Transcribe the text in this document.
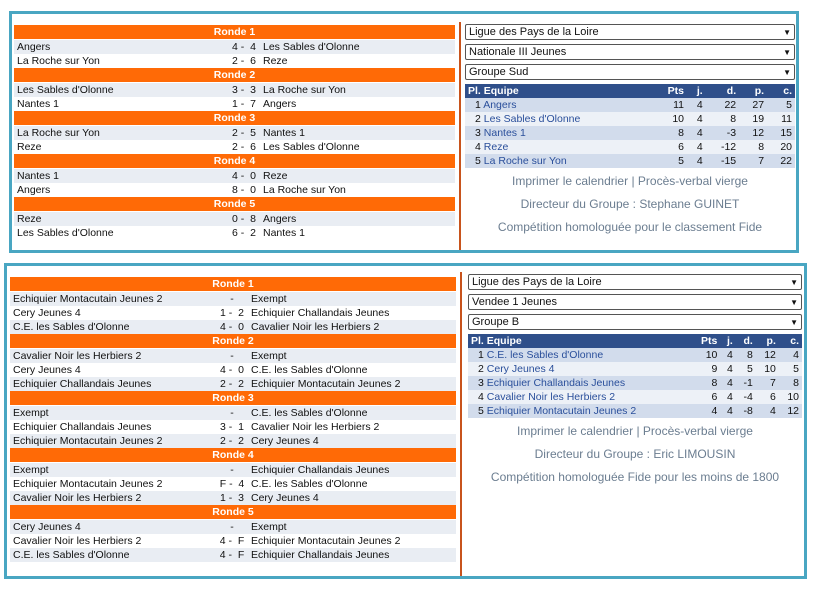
Ronde 1
Angers	4 -  4 Les Sables d'Olonne
La Roche sur Yon	2 -  6 Reze
Ronde 2
Les Sables d'Olonne	3 -  3 La Roche sur Yon
Nantes 1	1 -  7 Angers
Ronde 3
La Roche sur Yon	2 -  5 Nantes 1
Reze	2 -  6 Les Sables d'Olonne
Ronde 4
Nantes 1	4 -  0 Reze
Angers	8 -  0 La Roche sur Yon
Ronde 5
Reze	0 -  8 Angers
Les Sables d'Olonne	6 -  2 Nantes 1
Ligue des Pays de la Loire	▼
Nationale III Jeunes	▼
Groupe Sud	▼
Pl. Equipe	Pts	j.	d.	p.	c.
1 Angers	11	4	22	27	5
2 Les Sables d'Olonne	10	4	8	19	11
3 Nantes 1	8	4	-3	12	15
4 Reze	6	4	-12	8	20
5 La Roche sur Yon	5	4	-15	7	22
Imprimer le calendrier | Procès-verbal vierge
Directeur du Groupe : Stephane GUINET
Compétition homologuée pour le classement Fide
Ronde 1
Echiquier Montacutain Jeunes 2	-	Exempt
Cery Jeunes 4	1 -  2 Echiquier Challandais Jeunes
C.E. les Sables d'Olonne	4 -  0 Cavalier Noir les Herbiers 2
Ronde 2
Cavalier Noir les Herbiers 2	-	Exempt
Cery Jeunes 4	4 -  0 C.E. les Sables d'Olonne
Echiquier Challandais Jeunes	2 -  2 Echiquier Montacutain Jeunes 2
Ronde 3
Exempt	-	C.E. les Sables d'Olonne
Echiquier Challandais Jeunes	3 -  1 Cavalier Noir les Herbiers 2
Echiquier Montacutain Jeunes 2	2 -  2 Cery Jeunes 4
Ronde 4
Exempt	-	Echiquier Challandais Jeunes
Echiquier Montacutain Jeunes 2	F -  4 C.E. les Sables d'Olonne
Cavalier Noir les Herbiers 2	1 -  3 Cery Jeunes 4
Ronde 5
Cery Jeunes 4	-	Exempt
Cavalier Noir les Herbiers 2	4 -  F Echiquier Montacutain Jeunes 2
C.E. les Sables d'Olonne	4 -  F Echiquier Challandais Jeunes
Ligue des Pays de la Loire	▼
Vendee 1 Jeunes	▼
Groupe B	▼
Pl. Equipe	Pts	j.	d.	p.	c.
1 C.E. les Sables d'Olonne	10	4	8	12	4
2 Cery Jeunes 4	9	4	5	10	5
3 Echiquier Challandais Jeunes	8	4	-1	7	8
4 Cavalier Noir les Herbiers 2	6	4	-4	6	10
5 Echiquier Montacutain Jeunes 2	4	4	-8	4	12
Imprimer le calendrier | Procès-verbal vierge
Directeur du Groupe : Eric LIMOUSIN
Compétition homologuée Fide pour les moins de 1800
